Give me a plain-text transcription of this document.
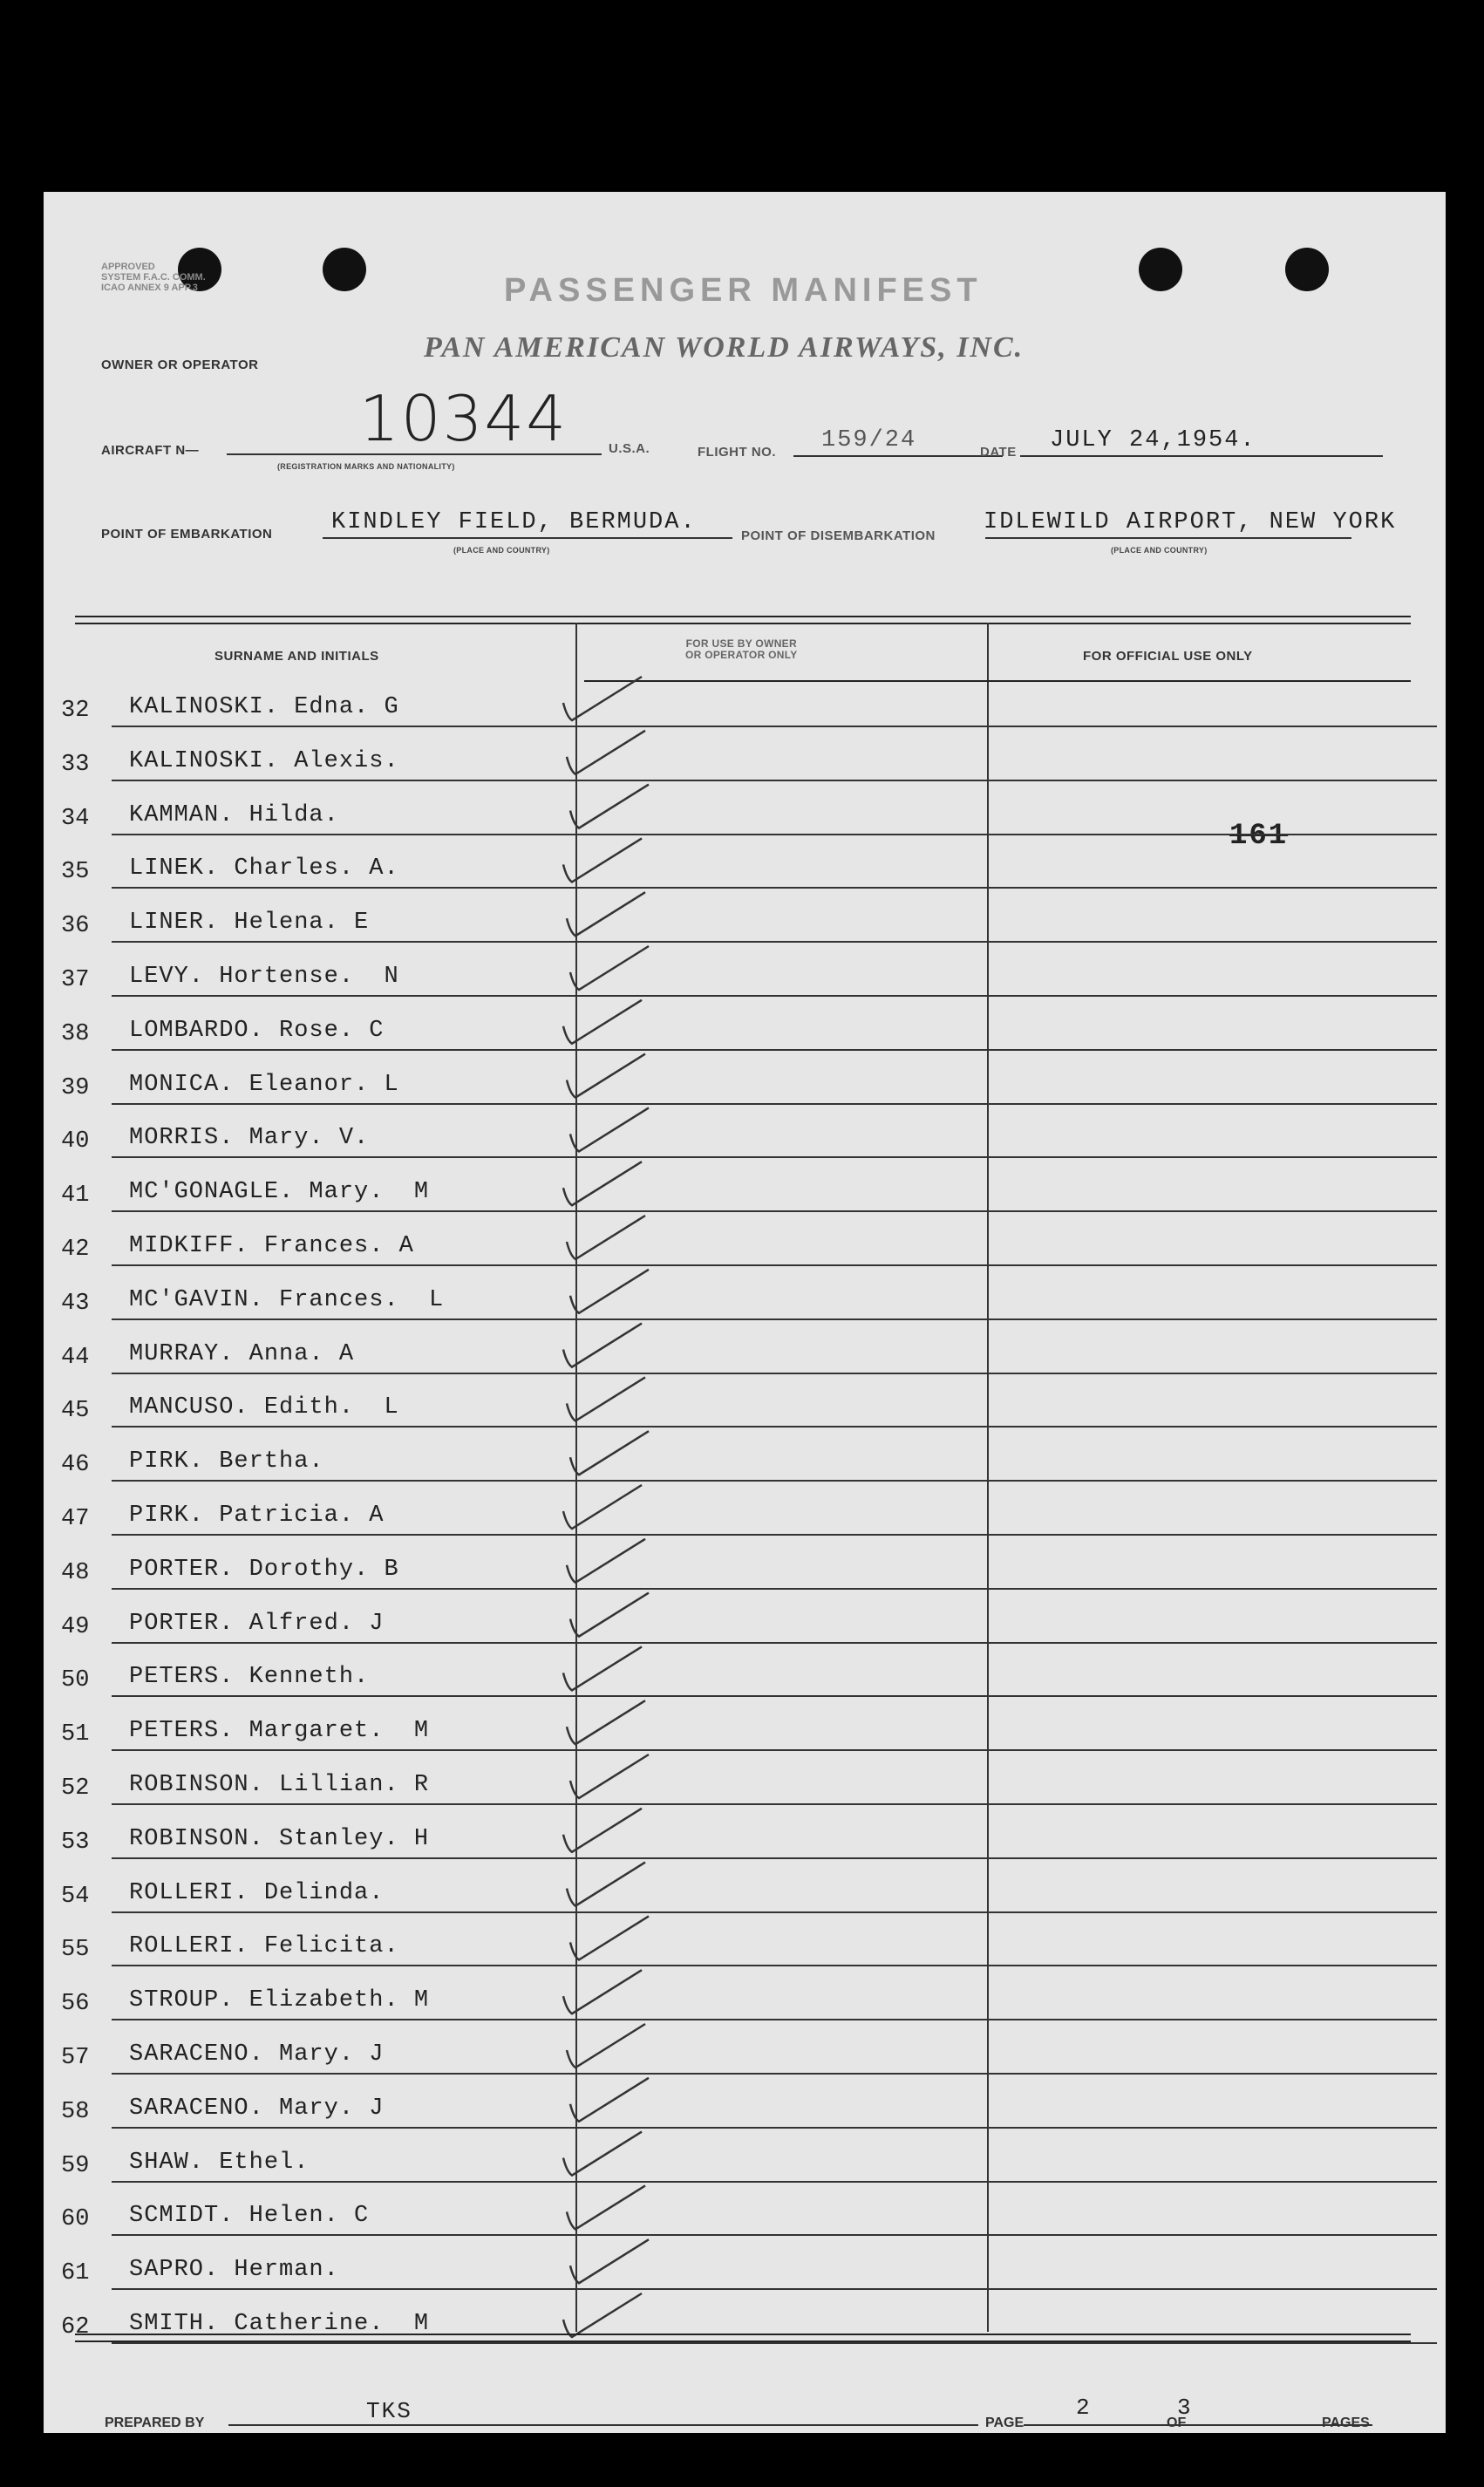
APPROVED
SYSTEM F.A.C. COMM.
ICAO ANNEX 9 APP.3	PASSENGER MANIFEST
OWNER OR OPERATOR
PAN AMERICAN WORLD AIRWAYS, INC.
AIRCRAFT N—	10344
(REGISTRATION MARKS AND NATIONALITY)
U.S.A.	FLIGHT NO. 159/24	DATE JULY 24,1954.
POINT OF EMBARKATION	KINDLEY FIELD, BERMUDA.
(PLACE AND COUNTRY)
POINT OF DISEMBARKATION
IDLEWILD AIRPORT, NEW YORK
(PLACE AND COUNTRY)
SURNAME AND INITIALS
FOR USE BY OWNER
OR OPERATOR ONLY	FOR OFFICIAL USE ONLY
161
32	KALINOSKI. Edna. G
33	KALINOSKI. Alexis.
34	KAMMAN. Hilda.
35	LINEK. Charles. A.
36	LINER. Helena. E
37	LEVY. Hortense.  N
38	LOMBARDO. Rose. C
39	MONICA. Eleanor. L
40	MORRIS. Mary. V.
41	MC'GONAGLE. Mary.  M
42	MIDKIFF. Frances. A
43	MC'GAVIN. Frances.  L
44	MURRAY. Anna. A
45	MANCUSO. Edith.  L
46	PIRK. Bertha.
47	PIRK. Patricia. A
48	PORTER. Dorothy. B
49	PORTER. Alfred. J
50	PETERS. Kenneth.
51	PETERS. Margaret.  M
52	ROBINSON. Lillian. R
53	ROBINSON. Stanley. H
54	ROLLERI. Delinda.
55	ROLLERI. Felicita.
56	STROUP. Elizabeth. M
57	SARACENO. Mary. J
58	SARACENO. Mary. J
59	SHAW. Ethel.
60	SCMIDT. Helen. C
61	SAPRO. Herman.
62	SMITH. Catherine.  M
PREPARED BY	TKS	PAGE
2
OF
3
PAGES
